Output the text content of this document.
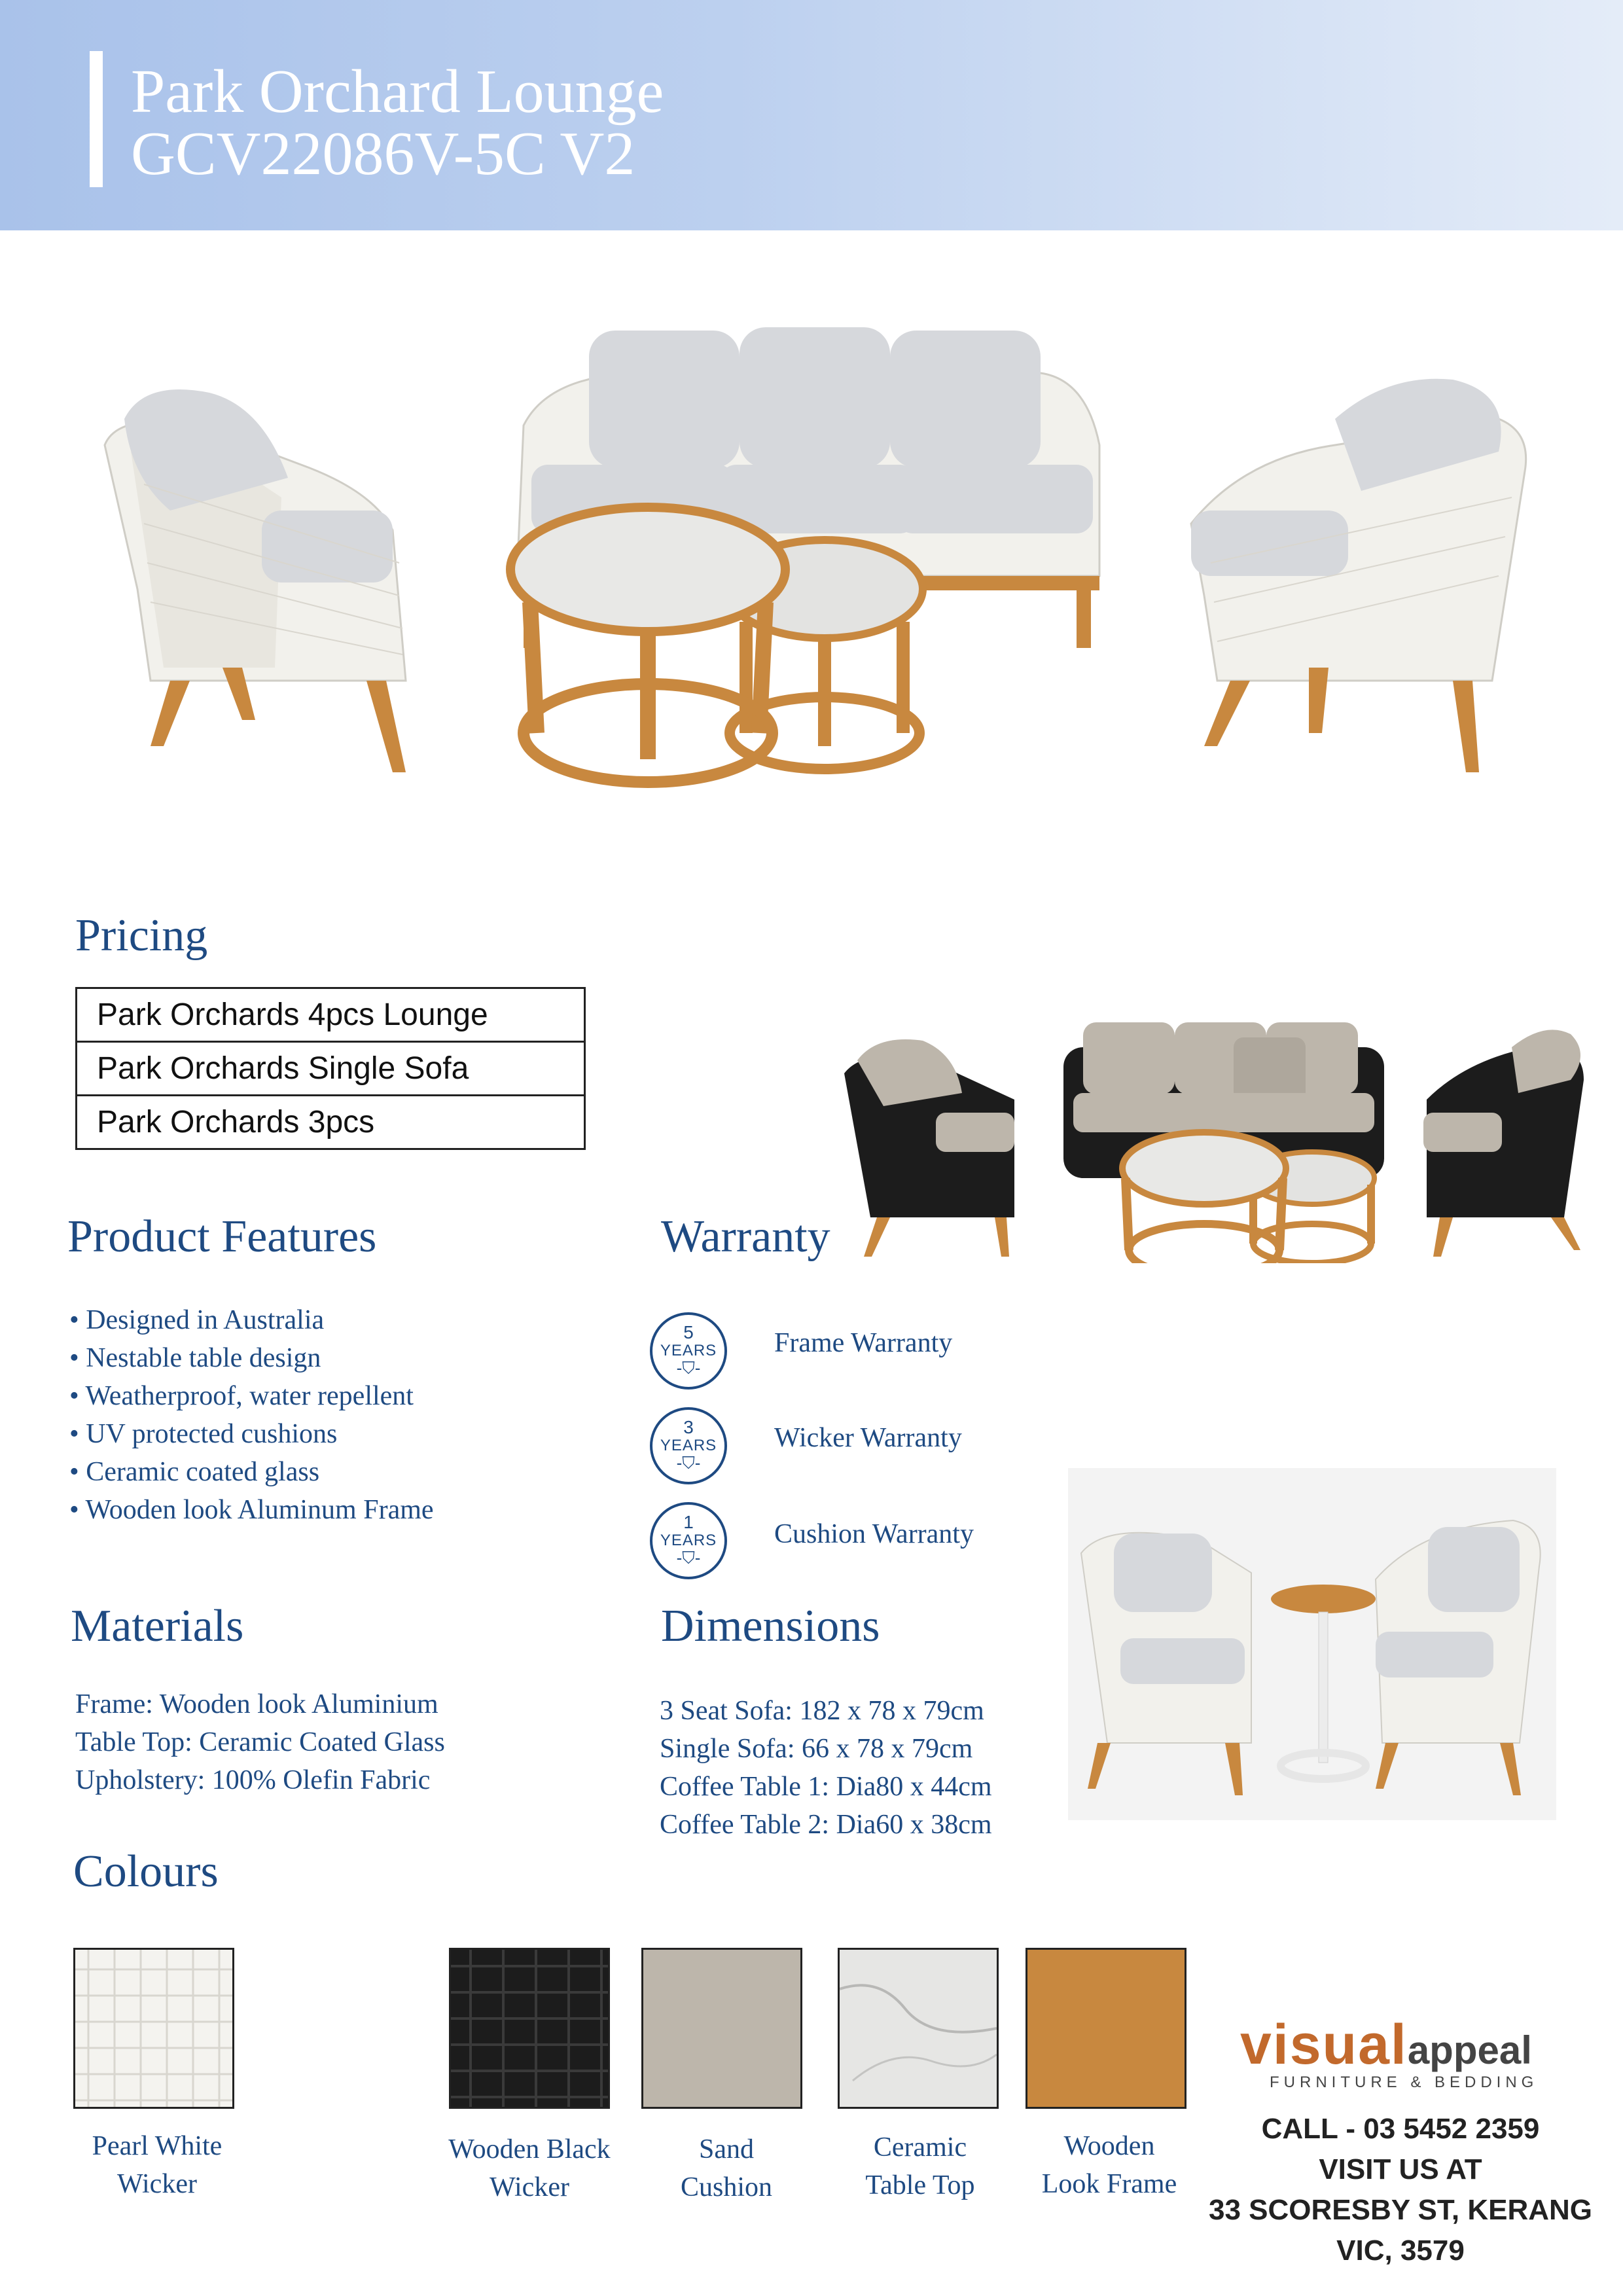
Park Orchard Lounge
GCV22086V-5C V2
Pricing
Park Orchards 4pcs Lounge
Park Orchards Single Sofa
Park Orchards 3pcs
Product Features
• Designed in Australia
• Nestable table design
• Weatherproof, water repellent
• UV protected cushions
• Ceramic coated glass
• Wooden look Aluminum Frame
Warranty
5
YEARS
-⛉-
Frame Warranty
3
YEARS
-⛉-
Wicker Warranty
1
YEARS
-⛉-
Cushion Warranty
Materials
Frame: Wooden look Aluminium
Table Top: Ceramic Coated Glass
Upholstery: 100% Olefin Fabric
Dimensions
3 Seat Sofa: 182 x 78 x 79cm
Single Sofa: 66 x 78 x 79cm
Coffee Table 1: Dia80 x 44cm
Coffee Table 2: Dia60 x 38cm
Colours
Pearl White
Wicker
Wooden Black
Wicker
Sand
Cushion
Ceramic
Table Top
Wooden
Look Frame
visualappeal
FURNITURE & BEDDING
CALL - 03 5452 2359
VISIT US AT
33 SCORESBY ST, KERANG
VIC, 3579
